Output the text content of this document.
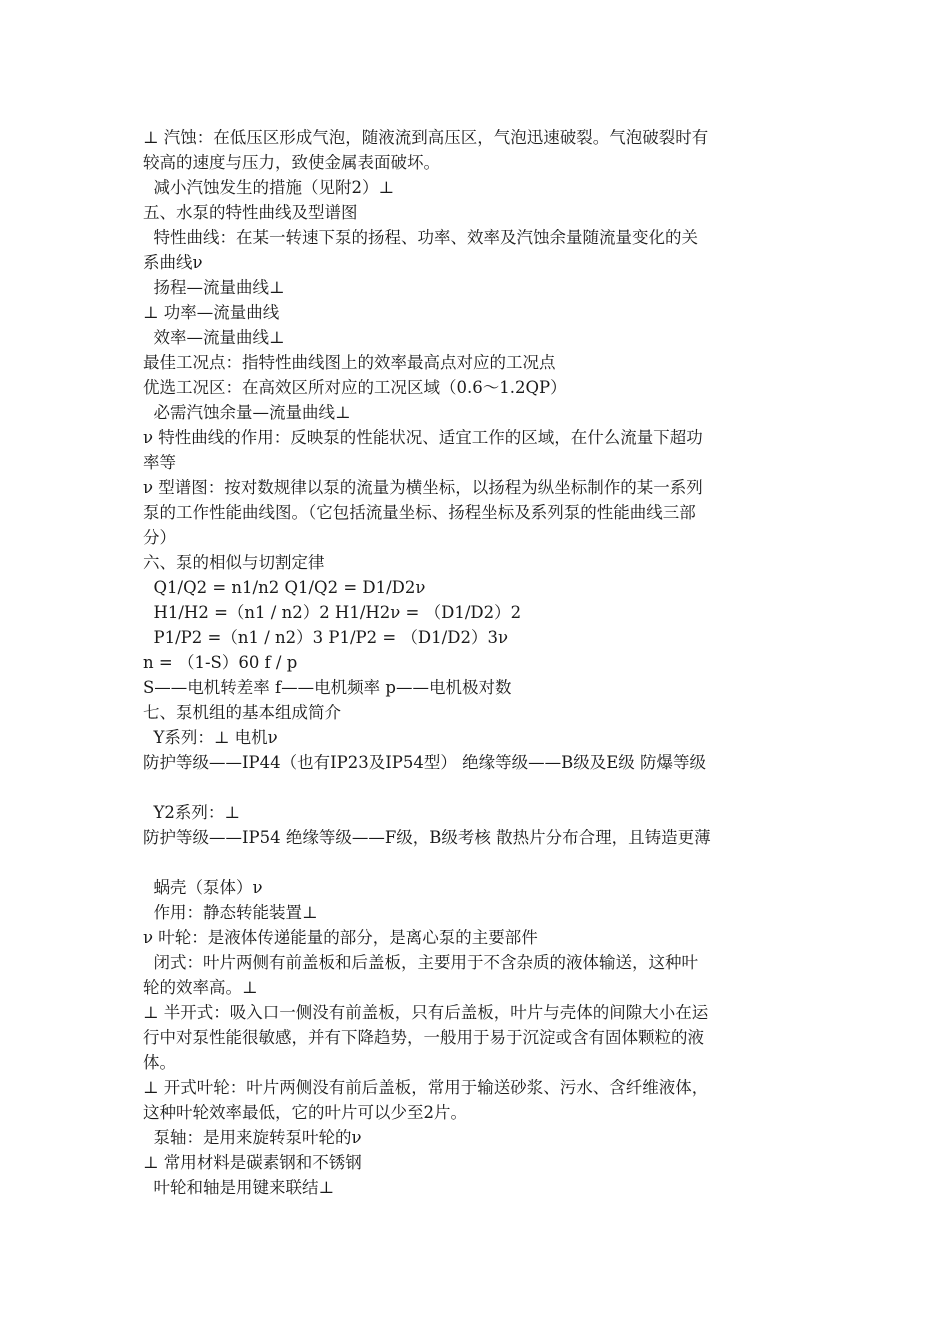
⊥ 汽蚀：在低压区形成气泡，随液流到高压区，气泡迅速破裂。气泡破裂时有
较高的速度与压力，致使金属表面破坏。
减小汽蚀发生的措施（见附2）⊥
五、水泵的特性曲线及型谱图
特性曲线：在某一转速下泵的扬程、功率、效率及汽蚀余量随流量变化的关
系曲线ν
扬程—流量曲线⊥
⊥ 功率—流量曲线
效率—流量曲线⊥
最佳工况点：指特性曲线图上的效率最高点对应的工况点
优选工况区：在高效区所对应的工况区域（0.6～1.2QP）
必需汽蚀余量—流量曲线⊥
ν 特性曲线的作用：反映泵的性能状况、适宜工作的区域，在什么流量下超功
率等
ν 型谱图：按对数规律以泵的流量为横坐标，以扬程为纵坐标制作的某一系列
泵的工作性能曲线图。（它包括流量坐标、扬程坐标及系列泵的性能曲线三部
分）
六、泵的相似与切割定律
Q1/Q2 = n1/n2 Q1/Q2 = D1/D2ν
H1/H2 =（n1 / n2）2 H1/H2ν = （D1/D2）2
P1/P2 =（n1 / n2）3 P1/P2 = （D1/D2）3ν
n = （1-S）60 f / p
S——电机转差率 f——电机频率 p——电机极对数
七、泵机组的基本组成简介
Y系列：⊥ 电机ν
防护等级——IP44（也有IP23及IP54型） 绝缘等级——B级及E级 防爆等级
Y2系列：⊥
防护等级——IP54 绝缘等级——F级，B级考核 散热片分布合理，且铸造更薄
蜗壳（泵体）ν
作用：静态转能装置⊥
ν 叶轮：是液体传递能量的部分，是离心泵的主要部件
闭式：叶片两侧有前盖板和后盖板，主要用于不含杂质的液体输送，这种叶
轮的效率高。⊥
⊥ 半开式：吸入口一侧没有前盖板，只有后盖板，叶片与壳体的间隙大小在运
行中对泵性能很敏感，并有下降趋势，一般用于易于沉淀或含有固体颗粒的液
体。
⊥ 开式叶轮：叶片两侧没有前后盖板，常用于输送砂浆、污水、含纤维液体，
这种叶轮效率最低，它的叶片可以少至2片。
泵轴：是用来旋转泵叶轮的ν
⊥ 常用材料是碳素钢和不锈钢
叶轮和轴是用键来联结⊥
